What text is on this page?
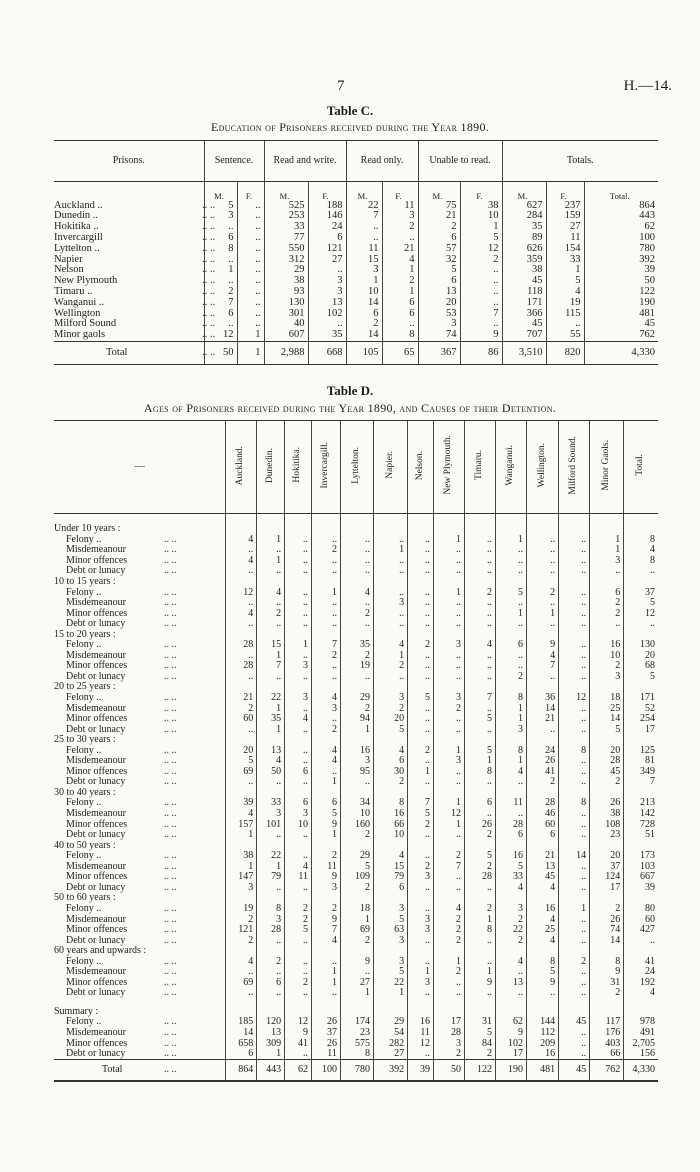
7	H.—14.
Table C.
Education of Prisoners received during the Year 1890.
Prisons.	Sentence.		Read and write.		Read only.		Unable to read.		Totals.		
	M.	F.	M.	F.	M.	F.	M.	F.	M.	F.	Total.
Auckland .. .. ..	5	..	525	188	22	11	75	38	627	237	864
Dunedin .. .. ..	3	..	253	146	7	3	21	10	284	159	443
Hokitika .. .. ..	..	..	33	24	..	2	2	1	35	27	62
Invercargill .. ..	6	..	77	6	..	..	6	5	89	11	100
Lyttelton .. .. ..	8	..	550	121	11	21	57	12	626	154	780
Napier .. ..	..	..	312	27	15	4	32	2	359	33	392
Nelson .. ..	1	..	29	..	3	1	5	..	38	1	39
New Plymouth .. ..	..	..	38	3	1	2	6	..	45	5	50
Timaru .. .. ..	2	..	93	3	10	1	13	..	118	4	122
Wanganui .. .. ..	7	..	130	13	14	6	20	..	171	19	190
Wellington .. ..	6	..	301	102	6	6	53	7	366	115	481
Milford Sound .. ..	..	..	40	..	2	..	3	..	45	..	45
Minor gaols .. ..	12	1	607	35	14	8	74	9	707	55	762
Total .. ..	50	1	2,988	668	105	65	367	86	3,510	820	4,330
Table D.
Ages of Prisoners received during the Year 1890, and Causes of their Detention.
—	Auckland.	Dunedin.	Hokitika.	Invercargill.	Lyttelton.	Napier.	Nelson.	New Plymouth.	Timaru.	Wanganui.	Wellington.	Milford Sound.	Minor Gaols.	Total.

Under 10 years :														
Felony .. .. ..	4	1	..	..	..	..	..	1	..	1	..	..	1	8
Misdemeanour .. ..	..	..	..	2	..	1	..	..	..	..	..	..	1	4
Minor offences .. ..	4	1	..	..	..	..	..	..	..	..	..	..	3	8
Debt or lunacy .. ..	..	..	..	..	..	..	..	..	..	..	..	..	..	..
10 to 15 years :														
Felony .. .. ..	12	4	..	1	4	..	..	1	2	5	2	..	6	37
Misdemeanour .. ..	..	..	..	..	..	3	..	..	..	..	..	..	2	5
Minor offences .. ..	4	2	..	..	2	..	..	..	..	1	1	..	2	12
Debt or lunacy .. ..	..	..	..	..	..	..	..	..	..	..	..	..	..	..
15 to 20 years :														
Felony .. .. ..	28	15	1	7	35	4	2	3	4	6	9	..	16	130
Misdemeanour .. ..	..	1	..	2	2	1	..	..	..	..	4	..	10	20
Minor offences .. ..	28	7	3	..	19	2	..	..	..	..	7	..	2	68
Debt or lunacy .. ..	..	..	..	..	..	..	..	..	..	2	..	..	3	5
20 to 25 years :														
Felony .. .. ..	21	22	3	4	29	3	5	3	7	8	36	12	18	171
Misdemeanour .. ..	2	1	..	3	2	2	..	2	..	1	14	..	25	52
Minor offences .. ..	60	35	4	..	94	20	..	..	5	1	21	..	14	254
Debt or lunacy .. ..	..	1	..	2	1	5	..	..	..	3	..	..	5	17
25 to 30 years :														
Felony .. .. ..	20	13	..	4	16	4	2	1	5	8	24	8	20	125
Misdemeanour .. ..	5	4	..	4	3	6	..	3	1	1	26	..	28	81
Minor offences .. ..	69	50	6	..	95	30	1	..	8	4	41	..	45	349
Debt or lunacy .. ..	..	..	..	1	..	2	..	..	..	..	2	..	2	7
30 to 40 years :														
Felony .. .. ..	39	33	6	6	34	8	7	1	6	11	28	8	26	213
Misdemeanour .. ..	4	3	3	5	10	16	5	12	..	..	46	..	38	142
Minor offences .. ..	157	101	10	9	160	66	2	1	26	28	60	..	108	728
Debt or lunacy .. ..	1	..	..	1	2	10	..	..	2	6	6	..	23	51
40 to 50 years :														
Felony .. .. ..	38	22	..	2	29	4	..	2	5	16	21	14	20	173
Misdemeanour .. ..	1	1	4	11	5	15	2	7	2	5	13	..	37	103
Minor offences .. ..	147	79	11	9	109	79	3	..	28	33	45	..	124	667
Debt or lunacy .. ..	3	..	..	3	2	6	..	..	..	4	4	..	17	39
50 to 60 years :														
Felony .. .. ..	19	8	2	2	18	3	..	4	2	3	16	1	2	80
Misdemeanour .. ..	2	3	2	9	1	5	3	2	1	2	4	..	26	60
Minor offences .. ..	121	28	5	7	69	63	3	2	8	22	25	..	74	427
Debt or lunacy .. ..	2	..	..	4	2	3	..	2	..	2	4	..	14	..
60 years and upwards :														
Felony .. .. ..	4	2	..	..	9	3	..	1	..	4	8	2	8	41
Misdemeanour .. ..	..	..	..	1	..	5	1	2	1	..	5	..	9	24
Minor offences .. ..	69	6	2	1	27	22	3	..	9	13	9	..	31	192
Debt or lunacy .. ..	..	..	..	..	1	1	..	..	..	..	..	..	2	4

Summary :														
Felony .. .. ..	185	120	12	26	174	29	16	17	31	62	144	45	117	978
Misdemeanour .. ..	14	13	9	37	23	54	11	28	5	9	112	..	176	491
Minor offences .. ..	658	309	41	26	575	282	12	3	84	102	209	..	403	2,705
Debt or lunacy .. ..	6	1	..	11	8	27	..	2	2	17	16	..	66	156
Total .. ..	864	443	62	100	780	392	39	50	122	190	481	45	762	4,330
